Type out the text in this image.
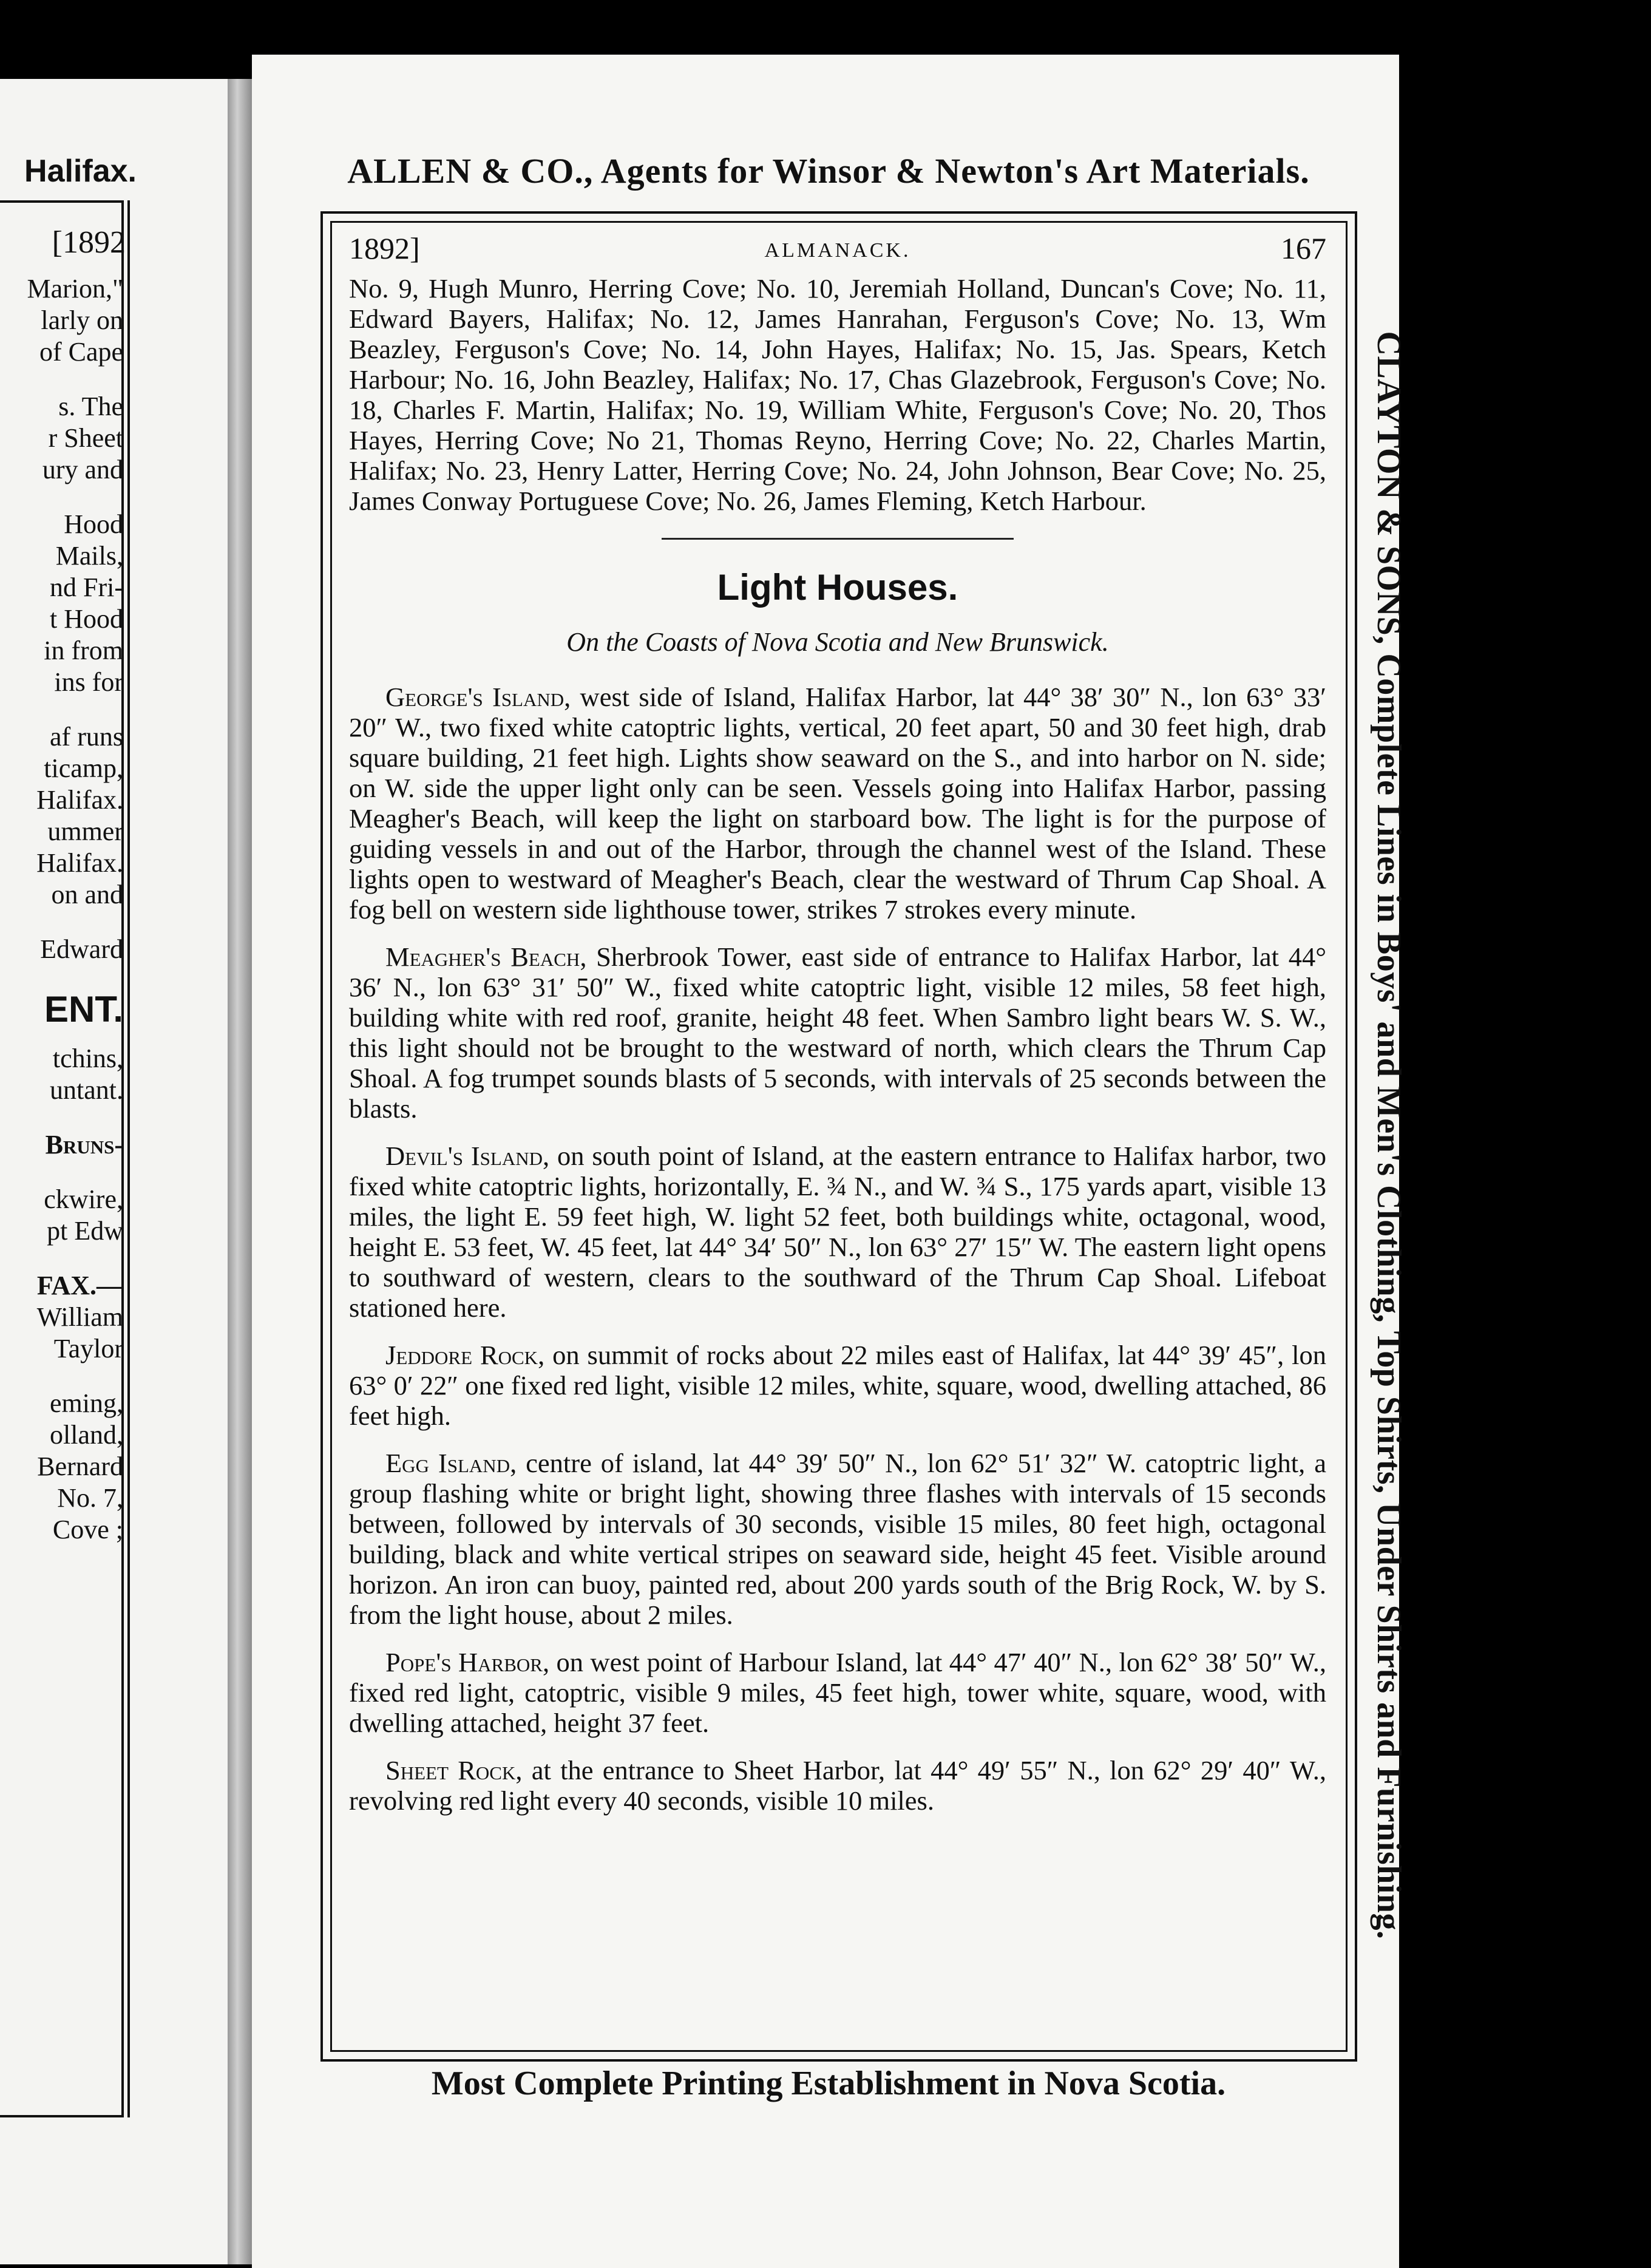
Halifax.
[1892
Marion,"
larly on
of Cape
s. The
r Sheet
ury and
Hood
Mails,
nd Fri-
t Hood
in from
ins for
af runs
ticamp,
Halifax.
ummer
Halifax.
on and
Edward
ENT.
tchins,
untant.
Bruns-
ckwire,
pt Edw
FAX.—
William
Taylor
eming,
olland,
Bernard
No. 7,
Cove ;
ALLEN & CO., Agents for Winsor & Newton's Art Materials.
CLAYTON & SONS, Complete Lines in Boys' and Men's Clothing, Top Shirts, Under Shirts and Furnishing.
Most Complete Printing Establishment in Nova Scotia.
1892]	ALMANACK.	167

No. 9, Hugh Munro, Herring Cove; No. 10, Jeremiah Holland, Duncan's Cove; No. 11, Edward Bayers, Halifax; No. 12, James Hanrahan, Ferguson's Cove; No. 13, Wm Beazley, Ferguson's Cove; No. 14, John Hayes, Halifax; No. 15, Jas. Spears, Ketch Harbour; No. 16, John Beazley, Halifax; No. 17, Chas Glazebrook, Ferguson's Cove; No. 18, Charles F. Martin, Halifax; No. 19, William White, Ferguson's Cove; No. 20, Thos Hayes, Herring Cove; No 21, Thomas Reyno, Herring Cove; No. 22, Charles Martin, Halifax; No. 23, Henry Latter, Herring Cove; No. 24, John Johnson, Bear Cove; No. 25, James Conway Portuguese Cove; No. 26, James Fleming, Ketch Harbour.

Light Houses.
On the Coasts of Nova Scotia and New Brunswick.

George's Island, west side of Island, Halifax Harbor, lat 44° 38′ 30″ N., lon 63° 33′ 20″ W., two fixed white catoptric lights, vertical, 20 feet apart, 50 and 30 feet high, drab square building, 21 feet high. Lights show seaward on the S., and into harbor on N. side; on W. side the upper light only can be seen. Vessels going into Halifax Harbor, passing Meagher's Beach, will keep the light on starboard bow. The light is for the purpose of guiding vessels in and out of the Harbor, through the channel west of the Island. These lights open to westward of Meagher's Beach, clear the westward of Thrum Cap Shoal. A fog bell on western side lighthouse tower, strikes 7 strokes every minute.

Meagher's Beach, Sherbrook Tower, east side of entrance to Halifax Harbor, lat 44° 36′ N., lon 63° 31′ 50″ W., fixed white catoptric light, visible 12 miles, 58 feet high, building white with red roof, granite, height 48 feet. When Sambro light bears W. S. W., this light should not be brought to the westward of north, which clears the Thrum Cap Shoal. A fog trumpet sounds blasts of 5 seconds, with intervals of 25 seconds between the blasts.

Devil's Island, on south point of Island, at the eastern entrance to Halifax harbor, two fixed white catoptric lights, horizontally, E. ¾ N., and W. ¾ S., 175 yards apart, visible 13 miles, the light E. 59 feet high, W. light 52 feet, both buildings white, octagonal, wood, height E. 53 feet, W. 45 feet, lat 44° 34′ 50″ N., lon 63° 27′ 15″ W. The eastern light opens to southward of western, clears to the southward of the Thrum Cap Shoal. Lifeboat stationed here.

Jeddore Rock, on summit of rocks about 22 miles east of Halifax, lat 44° 39′ 45″, lon 63° 0′ 22″ one fixed red light, visible 12 miles, white, square, wood, dwelling attached, 86 feet high.

Egg Island, centre of island, lat 44° 39′ 50″ N., lon 62° 51′ 32″ W. catoptric light, a group flashing white or bright light, showing three flashes with intervals of 15 seconds between, followed by intervals of 30 seconds, visible 15 miles, 80 feet high, octagonal building, black and white vertical stripes on seaward side, height 45 feet. Visible around horizon. An iron can buoy, painted red, about 200 yards south of the Brig Rock, W. by S. from the light house, about 2 miles.

Pope's Harbor, on west point of Harbour Island, lat 44° 47′ 40″ N., lon 62° 38′ 50″ W., fixed red light, catoptric, visible 9 miles, 45 feet high, tower white, square, wood, with dwelling attached, height 37 feet.

Sheet Rock, at the entrance to Sheet Harbor, lat 44° 49′ 55″ N., lon 62° 29′ 40″ W., revolving red light every 40 seconds, visible 10 miles.
